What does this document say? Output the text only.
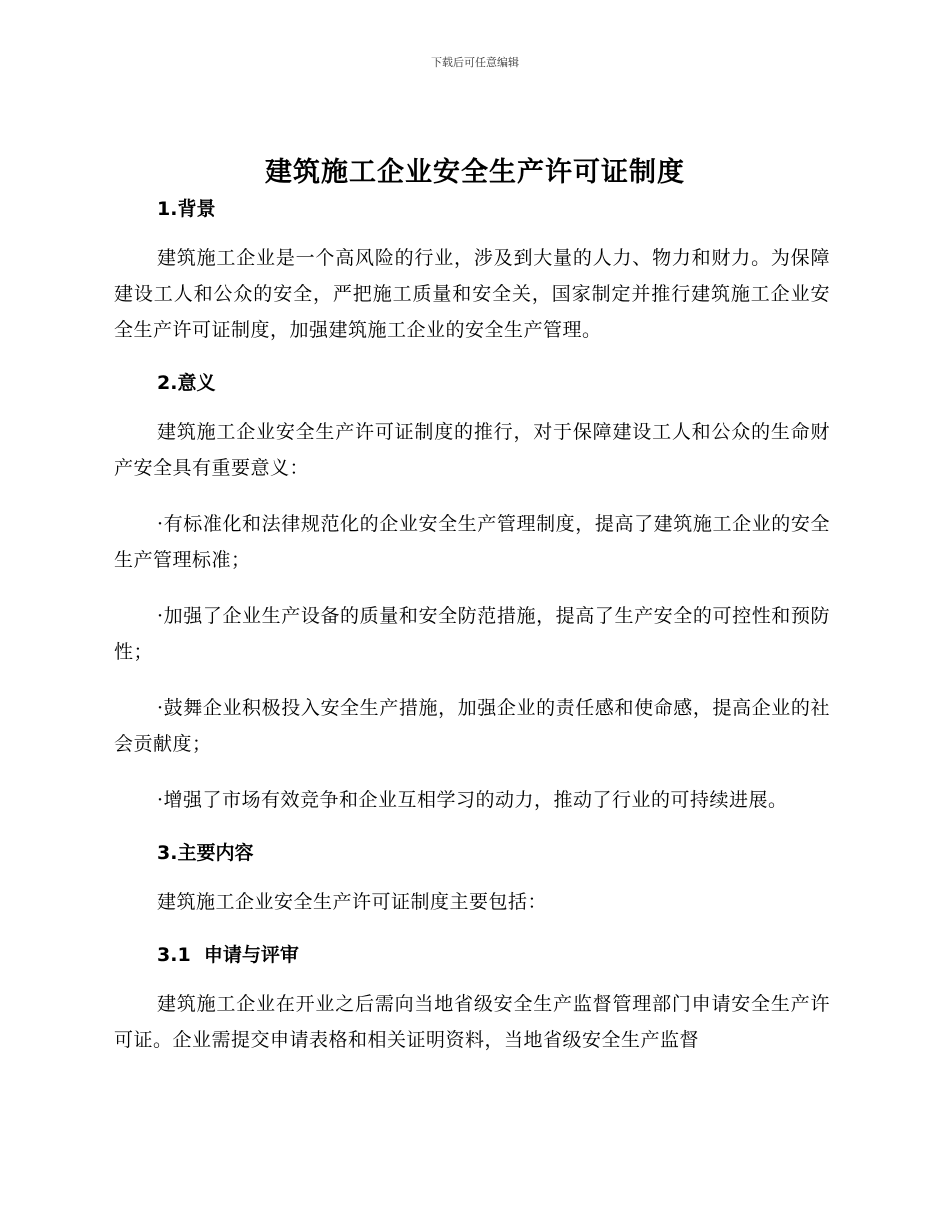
下载后可任意编辑
建筑施工企业安全生产许可证制度
1.背景
建筑施工企业是一个高风险的行业，涉及到大量的人力、物力和财力。为保障建设工人和公众的安全，严把施工质量和安全关，国家制定并推行建筑施工企业安全生产许可证制度，加强建筑施工企业的安全生产管理。
2.意义
建筑施工企业安全生产许可证制度的推行，对于保障建设工人和公众的生命财产安全具有重要意义：
·有标准化和法律规范化的企业安全生产管理制度，提高了建筑施工企业的安全生产管理标准；
·加强了企业生产设备的质量和安全防范措施，提高了生产安全的可控性和预防性；
·鼓舞企业积极投入安全生产措施，加强企业的责任感和使命感，提高企业的社会贡献度；
·增强了市场有效竞争和企业互相学习的动力，推动了行业的可持续进展。
3.主要内容
建筑施工企业安全生产许可证制度主要包括：
3.1  申请与评审
建筑施工企业在开业之后需向当地省级安全生产监督管理部门申请安全生产许可证。企业需提交申请表格和相关证明资料，当地省级安全生产监督
